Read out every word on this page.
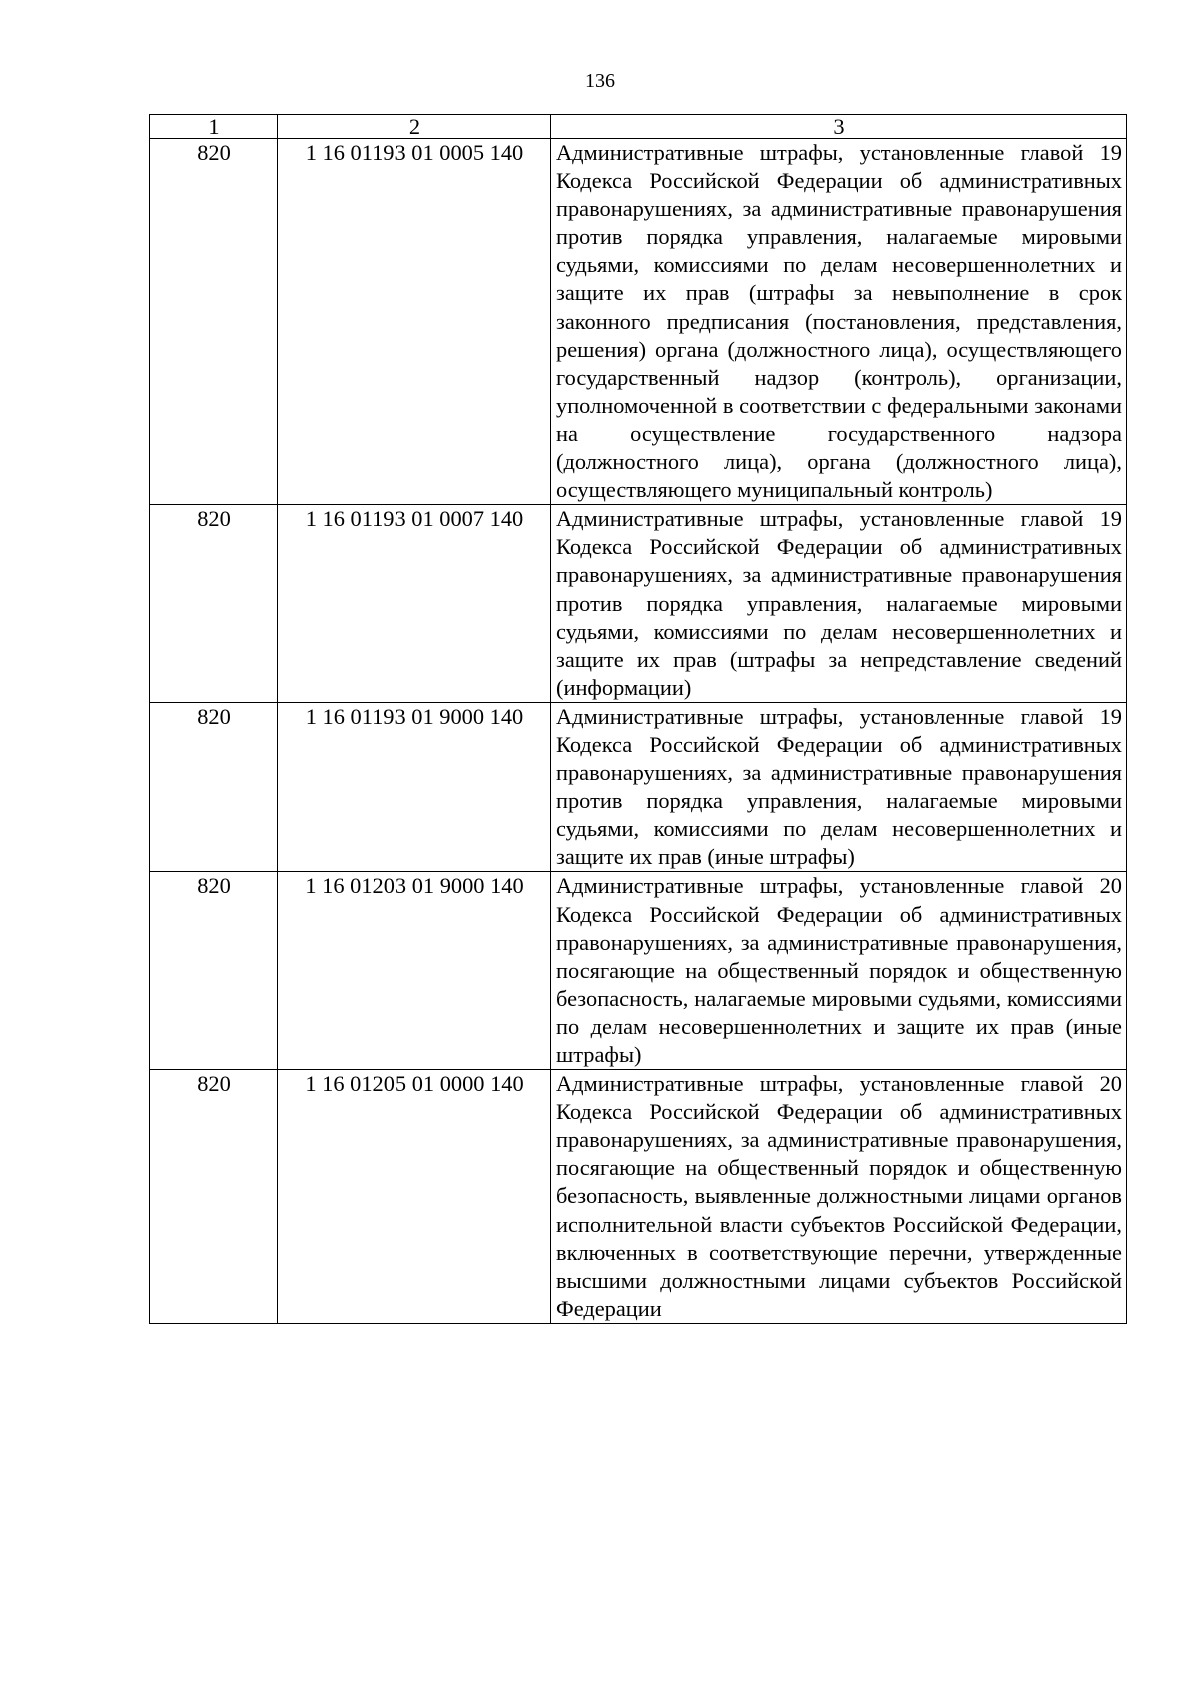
136
1	2	3
820	1 16 01193 01 0005 140	Административные штрафы, установленные главой 19 Кодекса Российской Федерации об административных правонарушениях, за административные правонарушения против порядка управления, налагаемые мировыми судьями, комиссиями по делам несовершеннолетних и защите их прав (штрафы за невыполнение в срок законного предписания (постановления, представления, решения) органа (должностного лица), осуществляющего государственный надзор (контроль), организации, уполномоченной в соответствии с федеральными законами на осуществление государственного надзора (должностного лица), органа (должностного лица), осуществляющего муниципальный контроль)
820	1 16 01193 01 0007 140	Административные штрафы, установленные главой 19 Кодекса Российской Федерации об административных правонарушениях, за административные правонарушения против порядка управления, налагаемые мировыми судьями, комиссиями по делам несовершеннолетних и защите их прав (штрафы за непредставление сведений (информации)
820	1 16 01193 01 9000 140	Административные штрафы, установленные главой 19 Кодекса Российской Федерации об административных правонарушениях, за административные правонарушения против порядка управления, налагаемые мировыми судьями, комиссиями по делам несовершеннолетних и защите их прав (иные штрафы)
820	1 16 01203 01 9000 140	Административные штрафы, установленные главой 20 Кодекса Российской Федерации об административных правонарушениях, за административные правонарушения, посягающие на общественный порядок и общественную безопасность, налагаемые мировыми судьями, комиссиями по делам несовершеннолетних и защите их прав (иные штрафы)
820	1 16 01205 01 0000 140	Административные штрафы, установленные главой 20 Кодекса Российской Федерации об административных правонарушениях, за административные правонарушения, посягающие на общественный порядок и общественную безопасность, выявленные должностными лицами органов исполнительной власти субъектов Российской Федерации, включенных в соответствующие перечни, утвержденные высшими должностными лицами субъектов Российской Федерации
